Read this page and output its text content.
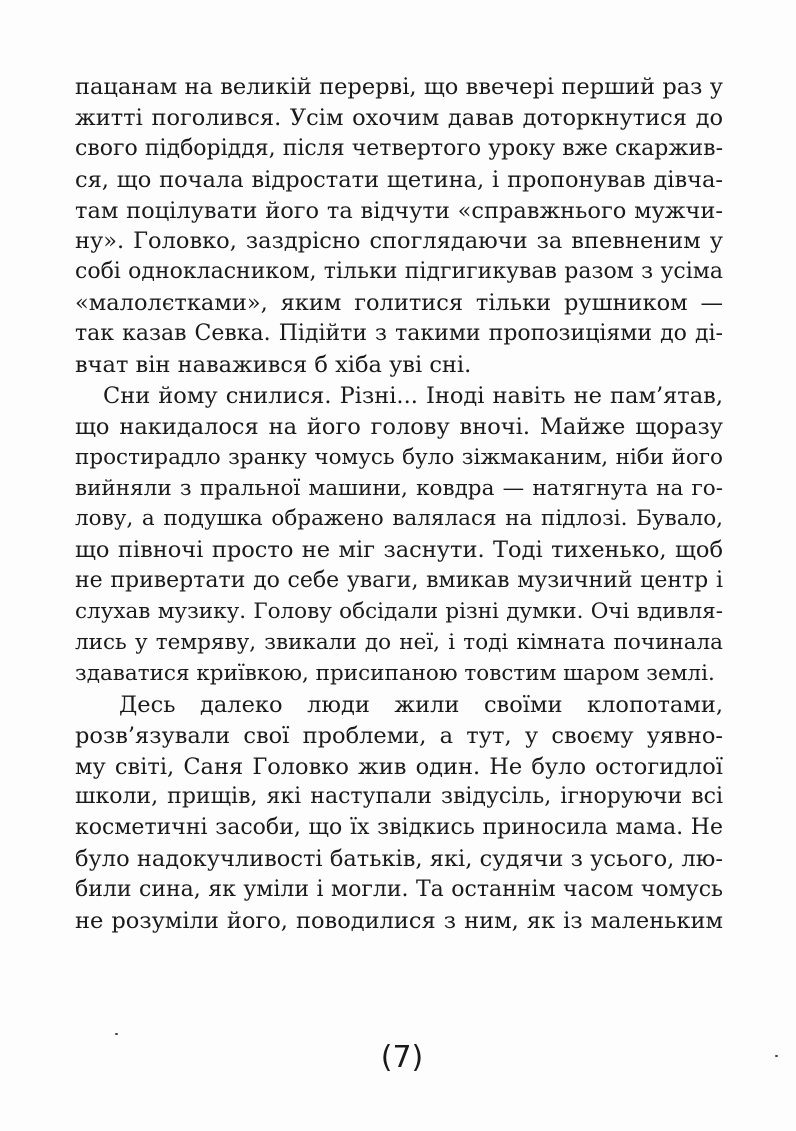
пацанам на великій перерві, що ввечері перший раз у
житті поголився. Усім охочим давав доторкнутися до
свого підборіддя, після четвертого уроку вже скаржив-
ся, що почала відростати щетина, і пропонував дівча-
там поцілувати його та відчути «справжнього мужчи-
ну». Головко, заздрісно споглядаючи за впевненим у
собі однокласником, тільки підгигикував разом з усіма
«малолєтками», яким голитися тільки рушником —
так казав Севка. Підійти з такими пропозиціями до ді-
вчат він наважився б хіба уві сні.
Сни йому снилися. Різні... Іноді навіть не пам’ятав,
що накидалося на його голову вночі. Майже щоразу
простирадло зранку чомусь було зіжмаканим, ніби його
вийняли з пральної машини, ковдра — натягнута на го-
лову, а подушка ображено валялася на підлозі. Бувало,
що півночі просто не міг заснути. Тоді тихенько, щоб
не привертати до себе уваги, вмикав музичний центр і
слухав музику. Голову обсідали різні думки. Очі вдивля-
лись у темряву, звикали до неї, і тоді кімната починала
здаватися криївкою, присипаною товстим шаром землі.
Десь далеко люди жили своїми клопотами,
розв’язували свої проблеми, а тут, у своєму уявно-
му світі, Саня Головко жив один. Не було остогидлої
школи, прищів, які наступали звідусіль, ігноруючи всі
косметичні засоби, що їх звідкись приносила мама. Не
було надокучливості батьків, які, судячи з усього, лю-
били сина, як уміли і могли. Та останнім часом чомусь
не розуміли його, поводилися з ним, як із маленьким
(7)
